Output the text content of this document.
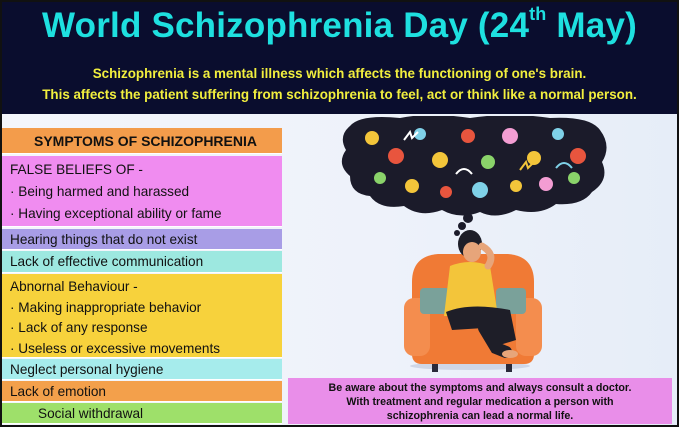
World Schizophrenia Day (24th May)
Schizophrenia is a mental illness which affects the functioning of one's brain.
This affects the patient suffering from schizophrenia to feel, act or think like a normal person.
SYMPTOMS OF SCHIZOPHRENIA
FALSE BELIEFS OF -
· Being harmed and harassed
· Having exceptional ability or fame
Hearing things that do not exist
Lack of effective communication
Abnornal Behaviour -
· Making inappropriate behavior
· Lack of any response
· Useless or excessive movements
Neglect personal hygiene
Lack of emotion
Social withdrawal
Be aware about the symptoms and always consult a doctor.
With treatment and regular medication a person with
schizophrenia can lead a normal life.
